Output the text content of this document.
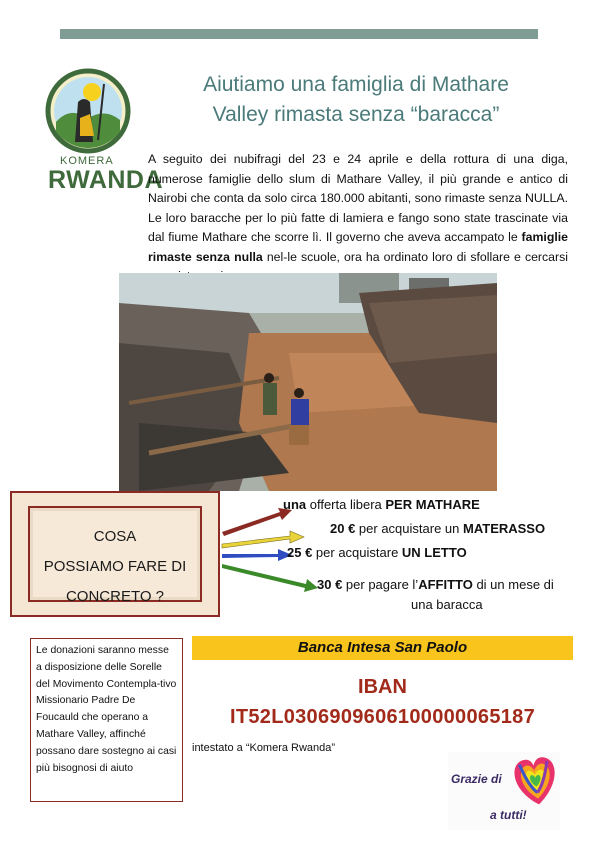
KOMERA
RWANDA
Aiutiamo una famiglia di Mathare
Valley rimasta senza “baracca”
A seguito dei nubifragi del 23 e 24 aprile e della rottura di una diga, numerose famiglie dello slum di Mathare Valley, il più grande e antico di Nairobi che conta da solo circa 180.000 abitanti, sono rimaste senza NULLA. Le loro baracche per lo più fatte di lamiera e fango sono state trascinate via dal fiume Mathare che scorre lì. Il governo che aveva accampato le famiglie rimaste senza nulla nel-le scuole, ora ha ordinato loro di sfollare e cercarsi
COSA
POSSIAMO FARE DI
CONCRETO ?
una offerta libera PER MATHARE
20 € per acquistare un MATERASSO
25 € per acquistare UN LETTO
30 € per pagare l’AFFITTO di un mese di
una baracca
Le donazioni saranno messe a disposizione delle Sorelle del Movimento Contempla-tivo Missionario Padre De Foucauld che operano a Mathare Valley, affinché possano dare sostegno ai casi più bisognosi di aiuto
Banca Intesa San Paolo
IBAN
IT52L0306909606100000065187
intestato a “Komera Rwanda”
Grazie di
a tutti!
